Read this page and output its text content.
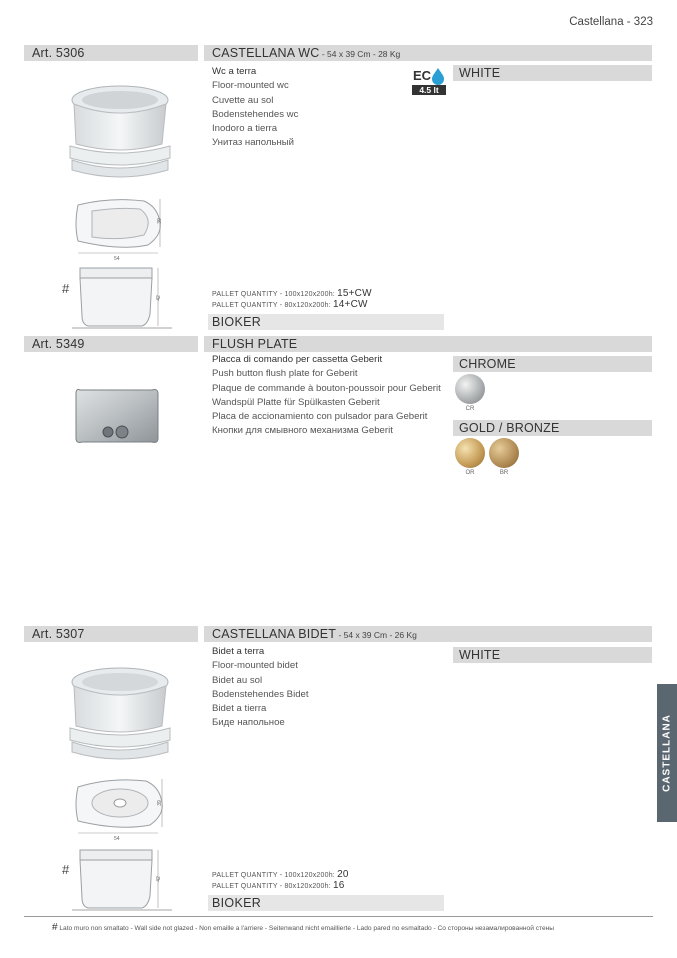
Castellana - 323
Art. 5306	CASTELLANA WC - 54 x 39 Cm - 28 Kg
Wc a terra
Floor-mounted wc
Cuvette au sol
Bodenstehendes wc
Inodoro a tierra
Унитаз напольный
EC
4.5 lt
WHITE
39
54
#
42	PALLET QUANTITY - 100x120x200h: 15+CW
PALLET QUANTITY - 80x120x200h: 14+CW
BIOKER
Art. 5349	FLUSH PLATE
Placca di comando per cassetta Geberit
Push button flush plate for Geberit
Plaque de commande à bouton-poussoir pour Geberit
Wandspül Platte für Spülkasten Geberit
Placa de accionamiento con pulsador para Geberit
Кнопки для смывного механизма Geberit
CHROME
CR
GOLD / BRONZE
OR	BR
Art. 5307	CASTELLANA BIDET - 54 x 39 Cm - 26 Kg
Bidet a terra
Floor-mounted bidet
Bidet au sol
Bodenstehendes Bidet
Bidet a tierra
Биде напольное
WHITE
39
54
#
42	PALLET QUANTITY - 100x120x200h: 20
PALLET QUANTITY - 80x120x200h: 16
BIOKER
CASTELLANA
# Lato muro non smaltato - Wall side not glazed - Non emaille a l'arriere - Seitenwand nicht emaillierte - Lado pared no esmaltado - Со стороны незамалированной стены
